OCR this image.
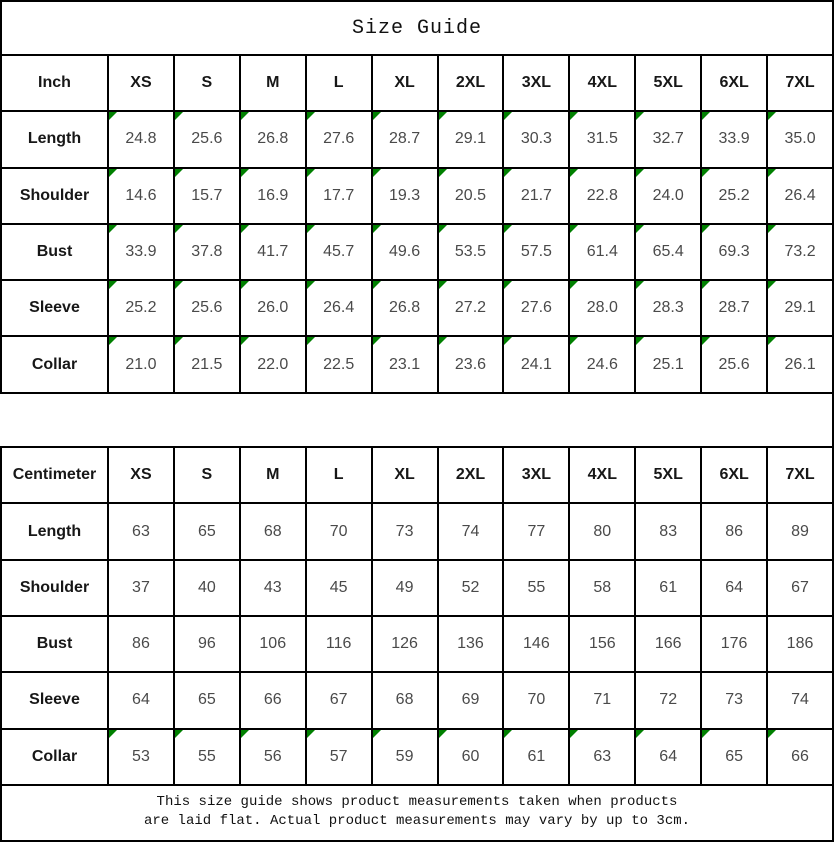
Size Guide											
Inch	XS	S	M	L	XL	2XL	3XL	4XL	5XL	6XL	7XL
Length	24.8	25.6	26.8	27.6	28.7	29.1	30.3	31.5	32.7	33.9	35.0

Shoulder	14.6	15.7	16.9	17.7	19.3	20.5	21.7	22.8	24.0	25.2	26.4

Bust	33.9	37.8	41.7	45.7	49.6	53.5	57.5	61.4	65.4	69.3	73.2

Sleeve	25.2	25.6	26.0	26.4	26.8	27.2	27.6	28.0	28.3	28.7	29.1

Collar	21.0	21.5	22.0	22.5	23.1	23.6	24.1	24.6	25.1	25.6	26.1

Centimeter	XS	S	M	L	XL	2XL	3XL	4XL	5XL	6XL	7XL
Length	63	65	68	70	73	74	77	80	83	86	89
Shoulder	37	40	43	45	49	52	55	58	61	64	67
Bust	86	96	106	116	126	136	146	156	166	176	186
Sleeve	64	65	66	67	68	69	70	71	72	73	74
Collar	53	55	56	57	59	60	61	63	64	65	66

This size guide shows product measurements taken when products
are laid flat. Actual product measurements may vary by up to 3cm.											
